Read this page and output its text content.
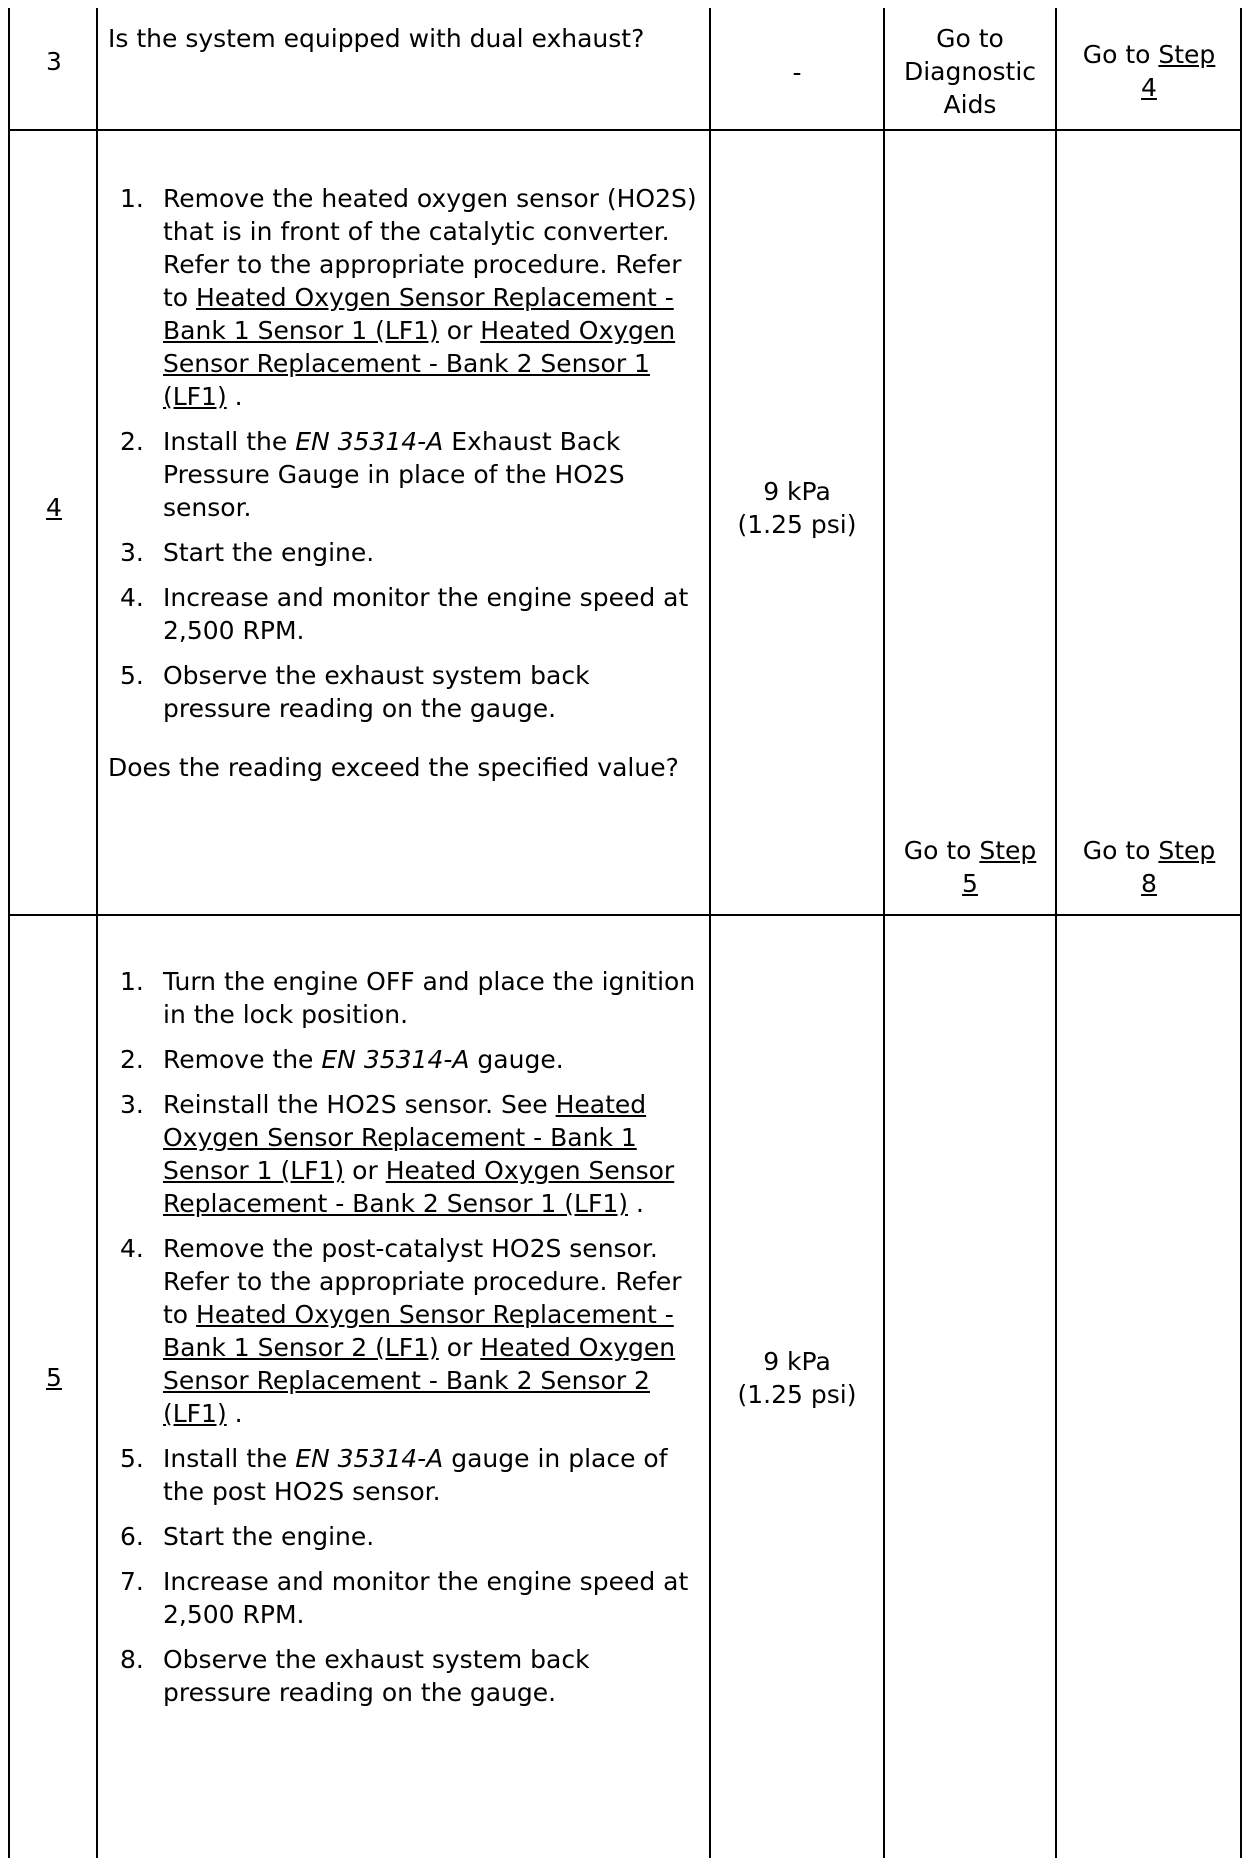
3
Is the system equipped with dual exhaust?
-
Go to Diagnostic Aids
Go to Step
4
4
1. Remove the heated oxygen sensor (HO2S) that is in front of the catalytic converter. Refer to the appropriate procedure. Refer to Heated Oxygen Sensor Replacement - Bank 1 Sensor 1 (LF1) or Heated Oxygen Sensor Replacement - Bank 2 Sensor 1 (LF1) .
2. Install the EN 35314-A Exhaust Back Pressure Gauge in place of the HO2S sensor.
3. Start the engine.
4. Increase and monitor the engine speed at 2,500 RPM.
5. Observe the exhaust system back pressure reading on the gauge.
Does the reading exceed the specified value?
9 kPa
(1.25 psi)
Go to Step
5
Go to Step
8
5
1. Turn the engine OFF and place the ignition in the lock position.
2. Remove the EN 35314-A gauge.
3. Reinstall the HO2S sensor. See Heated Oxygen Sensor Replacement - Bank 1 Sensor 1 (LF1) or Heated Oxygen Sensor Replacement - Bank 2 Sensor 1 (LF1) .
4. Remove the post-catalyst HO2S sensor. Refer to the appropriate procedure. Refer to Heated Oxygen Sensor Replacement - Bank 1 Sensor 2 (LF1) or Heated Oxygen Sensor Replacement - Bank 2 Sensor 2 (LF1) .
5. Install the EN 35314-A gauge in place of the post HO2S sensor.
6. Start the engine.
7. Increase and monitor the engine speed at 2,500 RPM.
8. Observe the exhaust system back pressure reading on the gauge.
9 kPa
(1.25 psi)
